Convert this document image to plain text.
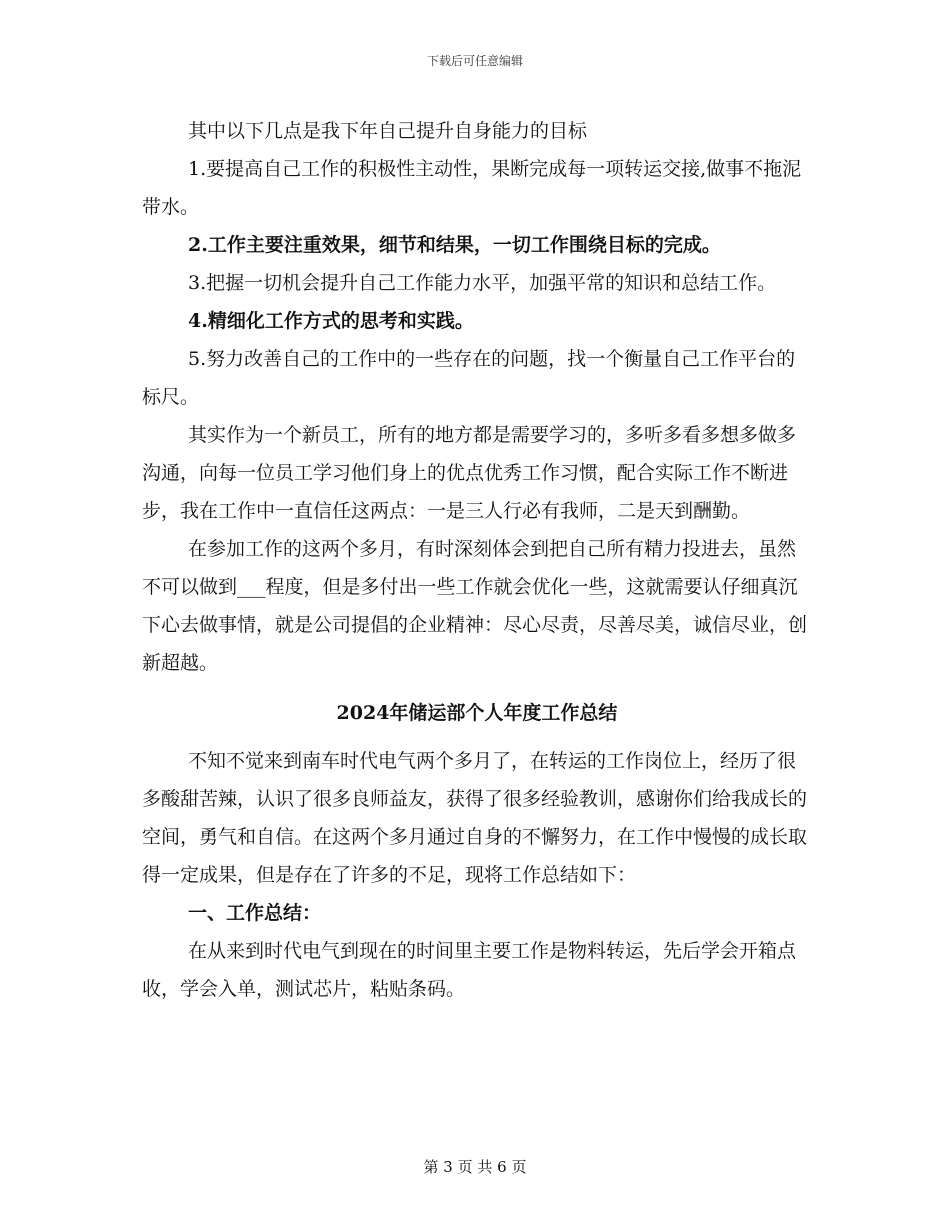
下载后可任意编辑

其中以下几点是我下年自己提升自身能力的目标

1.要提高自己工作的积极性主动性，果断完成每一项转运交接,做事不拖泥带水。

2.工作主要注重效果，细节和结果，一切工作围绕目标的完成。

3.把握一切机会提升自己工作能力水平，加强平常的知识和总结工作。

4.精细化工作方式的思考和实践。

5.努力改善自己的工作中的一些存在的问题，找一个衡量自己工作平台的标尺。

其实作为一个新员工，所有的地方都是需要学习的，多听多看多想多做多沟通，向每一位员工学习他们身上的优点优秀工作习惯，配合实际工作不断进步，我在工作中一直信任这两点：一是三人行必有我师，二是天到酬勤。

在参加工作的这两个多月，有时深刻体会到把自己所有精力投进去，虽然不可以做到___程度，但是多付出一些工作就会优化一些，这就需要认仔细真沉下心去做事情，就是公司提倡的企业精神：尽心尽责，尽善尽美，诚信尽业，创新超越。

2024年储运部个人年度工作总结

不知不觉来到南车时代电气两个多月了，在转运的工作岗位上，经历了很多酸甜苦辣，认识了很多良师益友，获得了很多经验教训，感谢你们给我成长的空间，勇气和自信。在这两个多月通过自身的不懈努力，在工作中慢慢的成长取得一定成果，但是存在了许多的不足，现将工作总结如下：

一、工作总结：

在从来到时代电气到现在的时间里主要工作是物料转运，先后学会开箱点收，学会入单，测试芯片，粘贴条码。

第 3 页 共 6 页
